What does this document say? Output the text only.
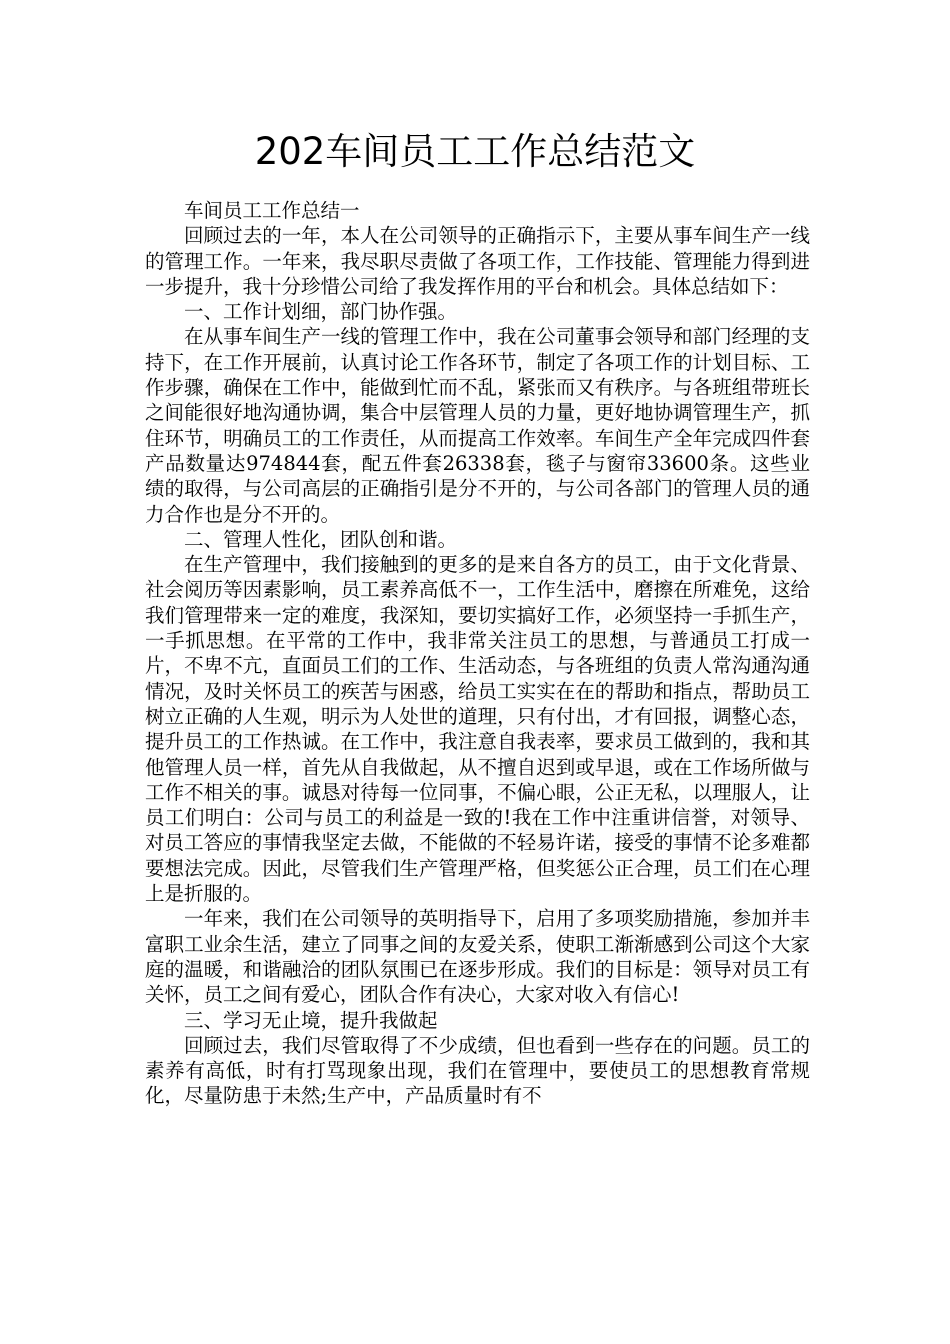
202车间员工工作总结范文

车间员工工作总结一

回顾过去的一年，本人在公司领导的正确指示下，主要从事车间生产一线的管理工作。一年来，我尽职尽责做了各项工作，工作技能、管理能力得到进一步提升，我十分珍惜公司给了我发挥作用的平台和机会。具体总结如下：

一、工作计划细，部门协作强。

在从事车间生产一线的管理工作中，我在公司董事会领导和部门经理的支持下，在工作开展前，认真讨论工作各环节，制定了各项工作的计划目标、工作步骤，确保在工作中，能做到忙而不乱，紧张而又有秩序。与各班组带班长之间能很好地沟通协调，集合中层管理人员的力量，更好地协调管理生产，抓住环节，明确员工的工作责任，从而提高工作效率。车间生产全年完成四件套产品数量达974844套，配五件套26338套，毯子与窗帘33600条。这些业绩的取得，与公司高层的正确指引是分不开的，与公司各部门的管理人员的通力合作也是分不开的。

二、管理人性化，团队创和谐。

在生产管理中，我们接触到的更多的是来自各方的员工，由于文化背景、社会阅历等因素影响，员工素养高低不一，工作生活中，磨擦在所难免，这给我们管理带来一定的难度，我深知，要切实搞好工作，必须坚持一手抓生产，一手抓思想。在平常的工作中，我非常关注员工的思想，与普通员工打成一片，不卑不亢，直面员工们的工作、生活动态，与各班组的负责人常沟通沟通情况，及时关怀员工的疾苦与困惑，给员工实实在在的帮助和指点，帮助员工树立正确的人生观，明示为人处世的道理，只有付出，才有回报，调整心态，提升员工的工作热诚。在工作中，我注意自我表率，要求员工做到的，我和其他管理人员一样，首先从自我做起，从不擅自迟到或早退，或在工作场所做与工作不相关的事。诚恳对待每一位同事，不偏心眼，公正无私，以理服人，让员工们明白：公司与员工的利益是一致的!我在工作中注重讲信誉，对领导、对员工答应的事情我坚定去做，不能做的不轻易许诺，接受的事情不论多难都要想法完成。因此，尽管我们生产管理严格，但奖惩公正合理，员工们在心理上是折服的。

一年来，我们在公司领导的英明指导下，启用了多项奖励措施，参加并丰富职工业余生活，建立了同事之间的友爱关系，使职工渐渐感到公司这个大家庭的温暖，和谐融洽的团队氛围已在逐步形成。我们的目标是：领导对员工有关怀，员工之间有爱心，团队合作有决心，大家对收入有信心!

三、学习无止境，提升我做起

回顾过去，我们尽管取得了不少成绩，但也看到一些存在的问题。员工的素养有高低，时有打骂现象出现，我们在管理中，要使员工的思想教育常规化，尽量防患于未然;生产中，产品质量时有不
